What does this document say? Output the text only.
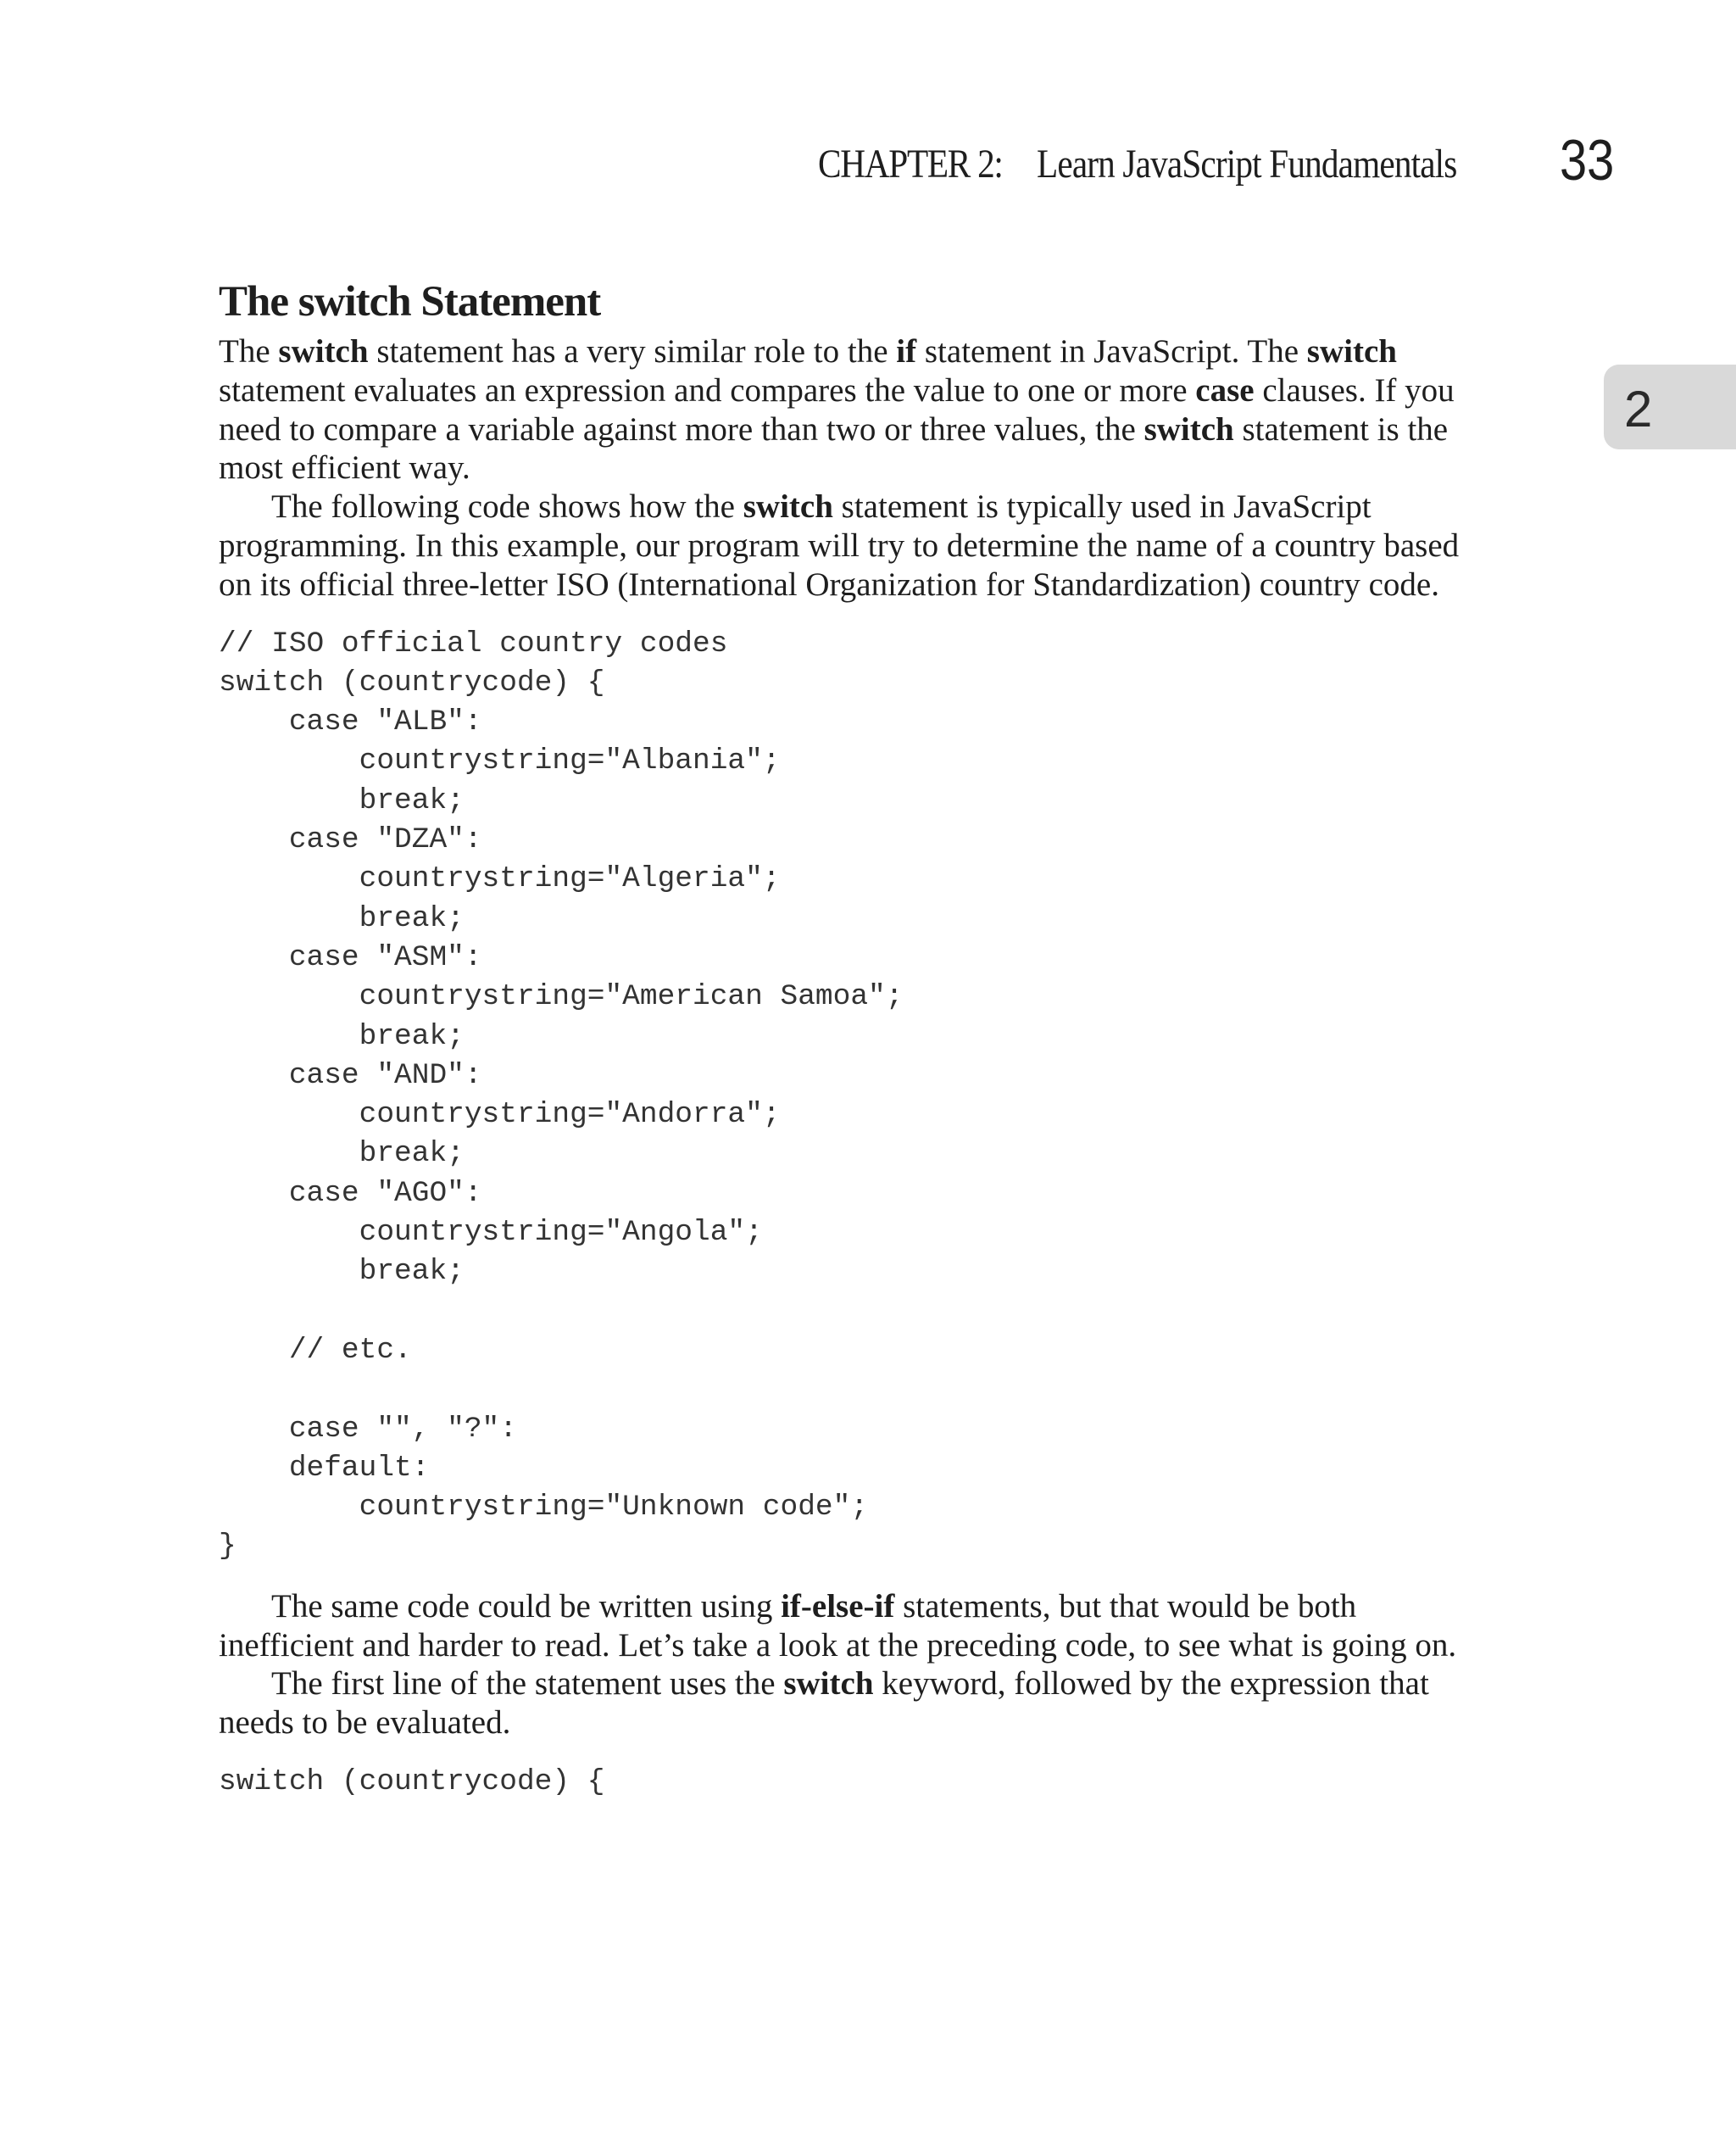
CHAPTER 2: Learn JavaScript Fundamentals 33
2
The switch Statement

The switch statement has a very similar role to the if statement in JavaScript. The switch statement evaluates an expression and compares the value to one or more case clauses. If you need to compare a variable against more than two or three values, the switch statement is the most efficient way.

The following code shows how the switch statement is typically used in JavaScript programming. In this example, our program will try to determine the name of a country based on its official three-letter ISO (International Organization for Standardization) country code.

// ISO official country codes
switch (countrycode) {
case "ALB":
countrystring="Albania";
break;
case "DZA":
countrystring="Algeria";
break;
case "ASM":
countrystring="American Samoa";
break;
case "AND":
countrystring="Andorra";
break;
case "AGO":
countrystring="Angola";
break;
// etc.
case "", "?":
default:
countrystring="Unknown code";
}

The same code could be written using if-else-if statements, but that would be both inefficient and harder to read. Let’s take a look at the preceding code, to see what is going on.

The first line of the statement uses the switch keyword, followed by the expression that needs to be evaluated.

switch (countrycode) {
